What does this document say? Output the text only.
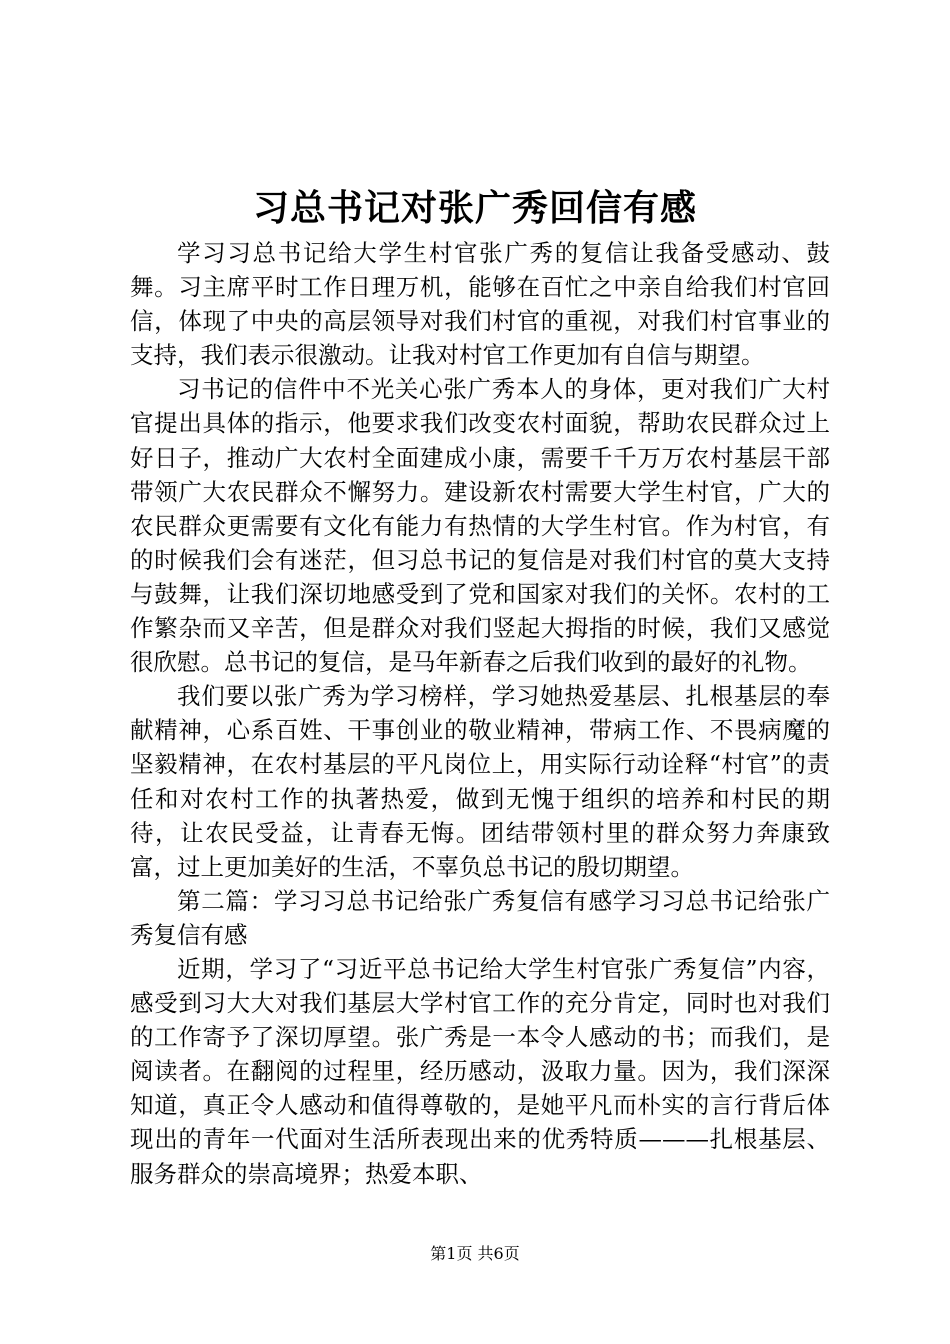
习总书记对张广秀回信有感

学习习总书记给大学生村官张广秀的复信让我备受感动、鼓舞。习主席平时工作日理万机，能够在百忙之中亲自给我们村官回信，体现了中央的高层领导对我们村官的重视，对我们村官事业的支持，我们表示很激动。让我对村官工作更加有自信与期望。

习书记的信件中不光关心张广秀本人的身体，更对我们广大村官提出具体的指示，他要求我们改变农村面貌，帮助农民群众过上好日子，推动广大农村全面建成小康，需要千千万万农村基层干部带领广大农民群众不懈努力。建设新农村需要大学生村官，广大的农民群众更需要有文化有能力有热情的大学生村官。作为村官，有的时候我们会有迷茫，但习总书记的复信是对我们村官的莫大支持与鼓舞，让我们深切地感受到了党和国家对我们的关怀。农村的工作繁杂而又辛苦，但是群众对我们竖起大拇指的时候，我们又感觉很欣慰。总书记的复信，是马年新春之后我们收到的最好的礼物。

我们要以张广秀为学习榜样，学习她热爱基层、扎根基层的奉献精神，心系百姓、干事创业的敬业精神，带病工作、不畏病魔的坚毅精神，在农村基层的平凡岗位上，用实际行动诠释“村官”的责任和对农村工作的执著热爱，做到无愧于组织的培养和村民的期待，让农民受益，让青春无悔。团结带领村里的群众努力奔康致富，过上更加美好的生活，不辜负总书记的殷切期望。

第二篇：学习习总书记给张广秀复信有感学习习总书记给张广秀复信有感

近期，学习了“习近平总书记给大学生村官张广秀复信”内容，感受到习大大对我们基层大学村官工作的充分肯定，同时也对我们的工作寄予了深切厚望。张广秀是一本令人感动的书；而我们，是阅读者。在翻阅的过程里，经历感动，汲取力量。因为，我们深深知道，真正令人感动和值得尊敬的，是她平凡而朴实的言行背后体现出的青年一代面对生活所表现出来的优秀特质———扎根基层、服务群众的崇高境界；热爱本职、

第1页 共6页
